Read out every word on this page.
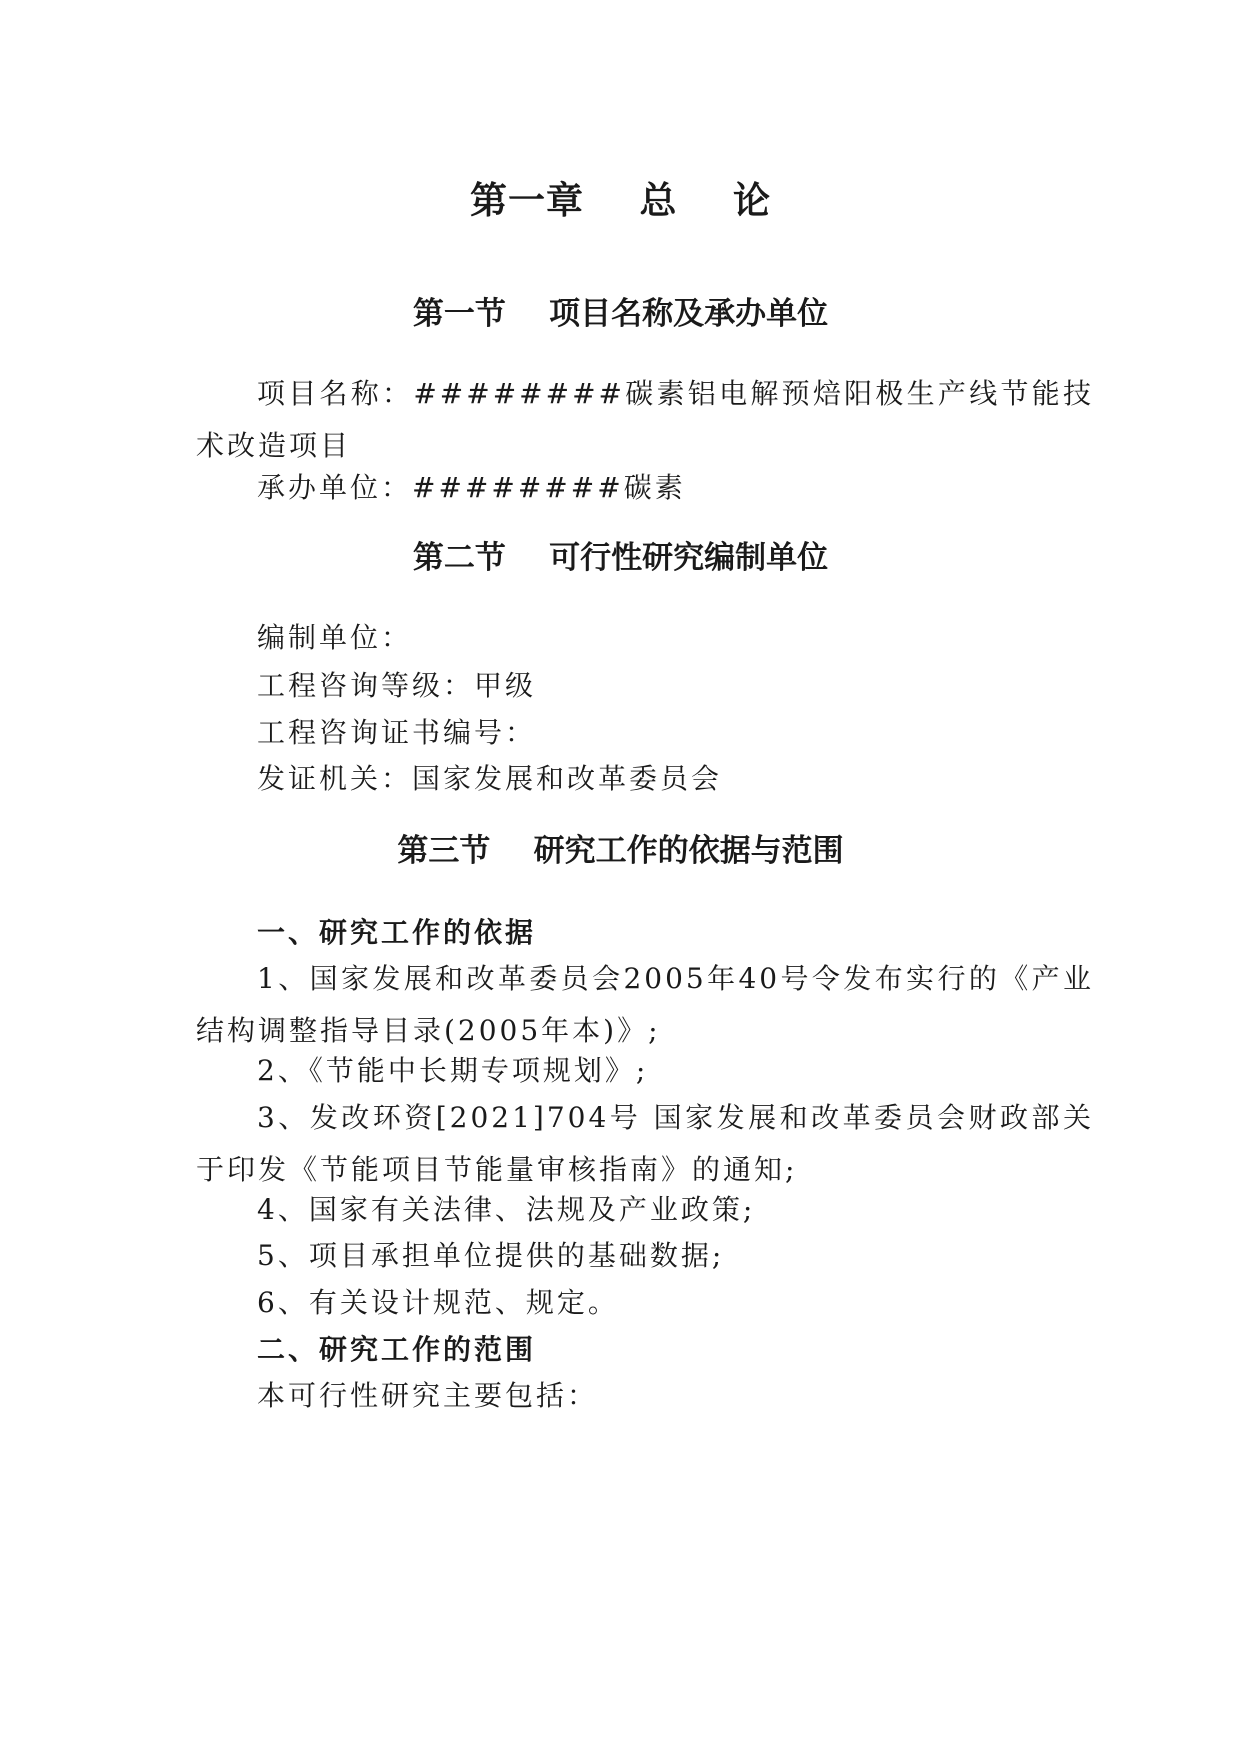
第一章    总    论
第一节    项目名称及承办单位
项目名称：########碳素铝电解预焙阳极生产线节能技术改造项目
承办单位：########碳素
第二节    可行性研究编制单位
编制单位：
工程咨询等级：甲级
工程咨询证书编号：
发证机关：国家发展和改革委员会
第三节    研究工作的依据与范围
一、研究工作的依据
1、国家发展和改革委员会2005年40号令发布实行的《产业结构调整指导目录(2005年本)》;
2、《节能中长期专项规划》;
3、发改环资[2021]704号 国家发展和改革委员会财政部关于印发《节能项目节能量审核指南》的通知;
4、国家有关法律、法规及产业政策;
5、项目承担单位提供的基础数据;
6、有关设计规范、规定。
二、研究工作的范围
本可行性研究主要包括：
